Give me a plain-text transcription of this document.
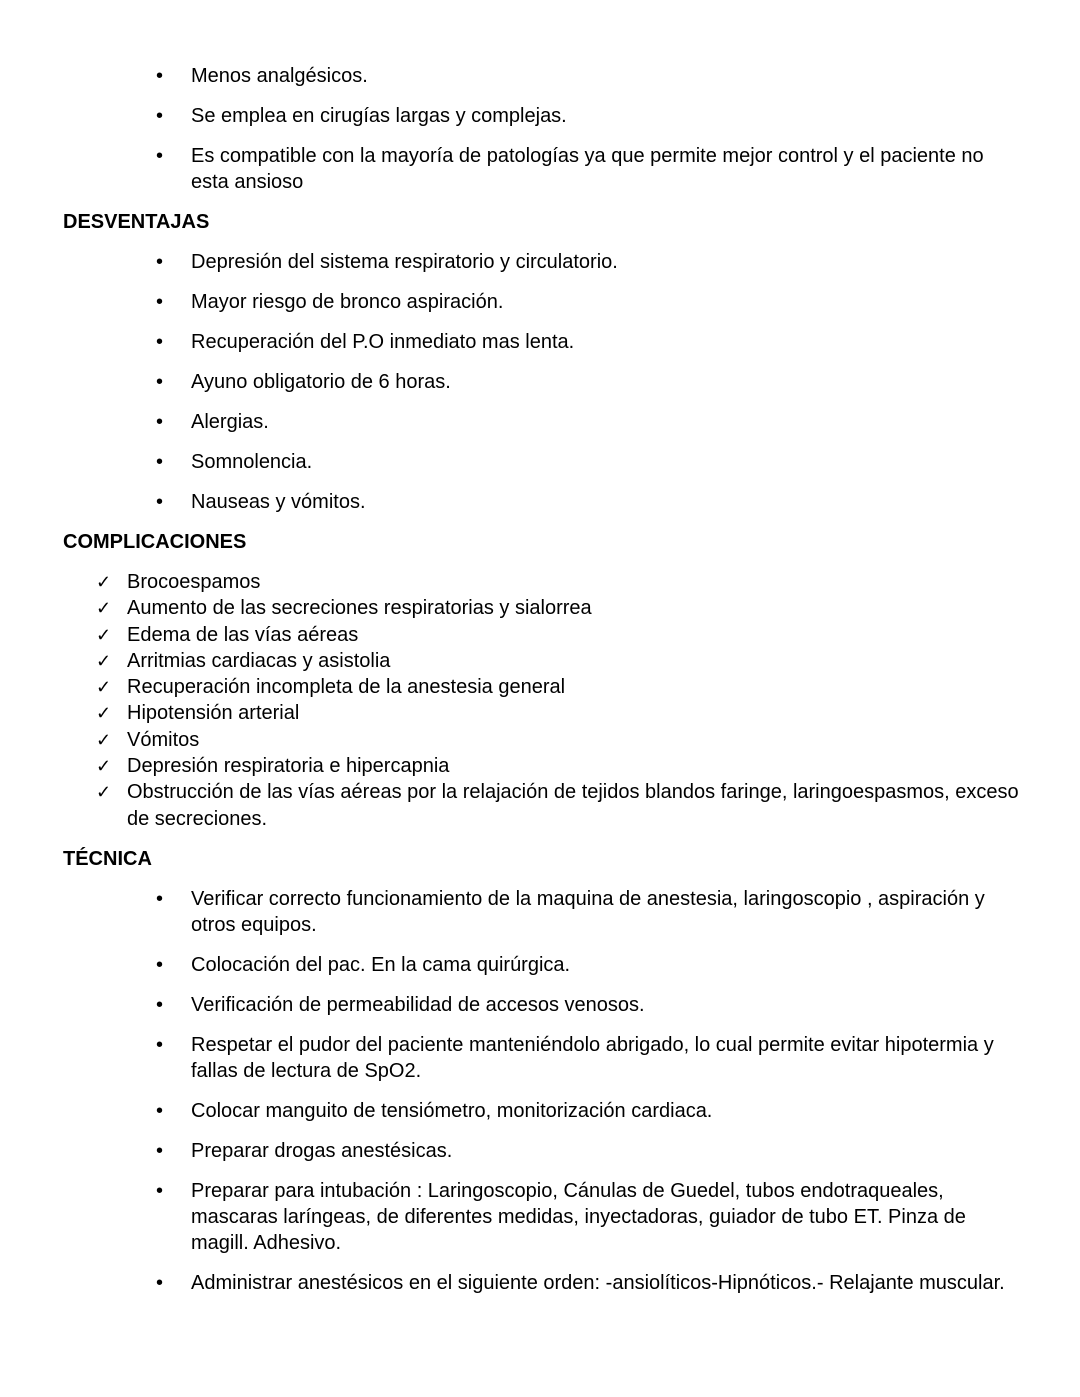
• Menos analgésicos.
• Se emplea en cirugías largas y complejas.
• Es compatible con la mayoría de patologías ya que permite mejor control y el paciente no esta ansioso
DESVENTAJAS
• Depresión del sistema respiratorio y circulatorio.
• Mayor riesgo de bronco aspiración.
• Recuperación del P.O inmediato mas lenta.
• Ayuno obligatorio de 6 horas.
• Alergias.
• Somnolencia.
• Nauseas y vómitos.
COMPLICACIONES
✓ Brocoespamos
✓ Aumento de las secreciones respiratorias y sialorrea
✓ Edema de las vías aéreas
✓ Arritmias cardiacas y asistolia
✓ Recuperación incompleta de la anestesia general
✓ Hipotensión arterial
✓ Vómitos
✓ Depresión respiratoria e hipercapnia
✓ Obstrucción de las vías aéreas por la relajación de tejidos blandos faringe, laringoespasmos, exceso de secreciones.
TÉCNICA
• Verificar correcto funcionamiento de la maquina de anestesia, laringoscopio , aspiración y otros equipos.
• Colocación del pac. En la cama quirúrgica.
• Verificación de permeabilidad de accesos venosos.
• Respetar el pudor del paciente manteniéndolo abrigado, lo cual permite evitar hipotermia y fallas de lectura de SpO2.
• Colocar manguito de tensiómetro, monitorización cardiaca.
• Preparar drogas anestésicas.
• Preparar para intubación : Laringoscopio, Cánulas de Guedel, tubos endotraqueales, mascaras laríngeas, de diferentes medidas, inyectadoras, guiador de tubo ET. Pinza de magill. Adhesivo.
• Administrar anestésicos en el siguiente orden: -ansiolíticos-Hipnóticos.- Relajante muscular.
